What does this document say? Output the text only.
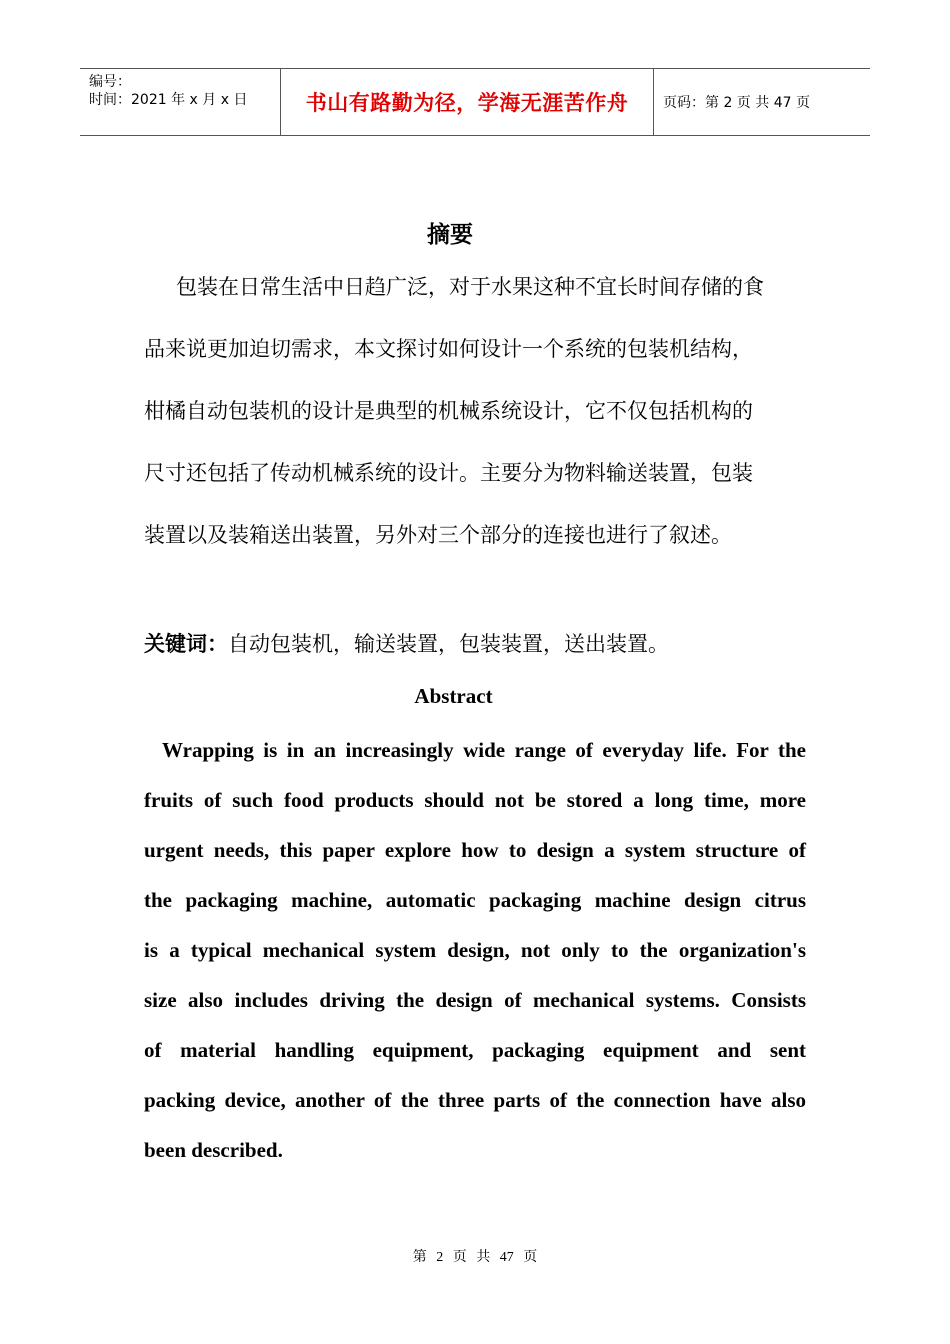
编号：
时间：2021 年 x 月 x 日	书山有路勤为径，学海无涯苦作舟 页码：第 2 页 共 47 页
摘要
包装在日常生活中日趋广泛，对于水果这种不宜长时间存储的食
品来说更加迫切需求，本文探讨如何设计一个系统的包装机结构，
柑橘自动包装机的设计是典型的机械系统设计，它不仅包括机构的
尺寸还包括了传动机械系统的设计。主要分为物料输送装置，包装
装置以及装箱送出装置，另外对三个部分的连接也进行了叙述。
关键词：自动包装机，输送装置，包装装置，送出装置。
Abstract
Wrapping is in an increasingly wide range of everyday life. For the
fruits of such food products should not be stored a long time, more
urgent needs, this paper explore how to design a system structure of
the packaging machine, automatic packaging machine design citrus
is a typical mechanical system design, not only to the organization's
size also includes driving the design of mechanical systems. Consists
of material handling equipment, packaging equipment and sent
packing device, another of the three parts of the connection have also
been described.
第 2 页 共 47 页
